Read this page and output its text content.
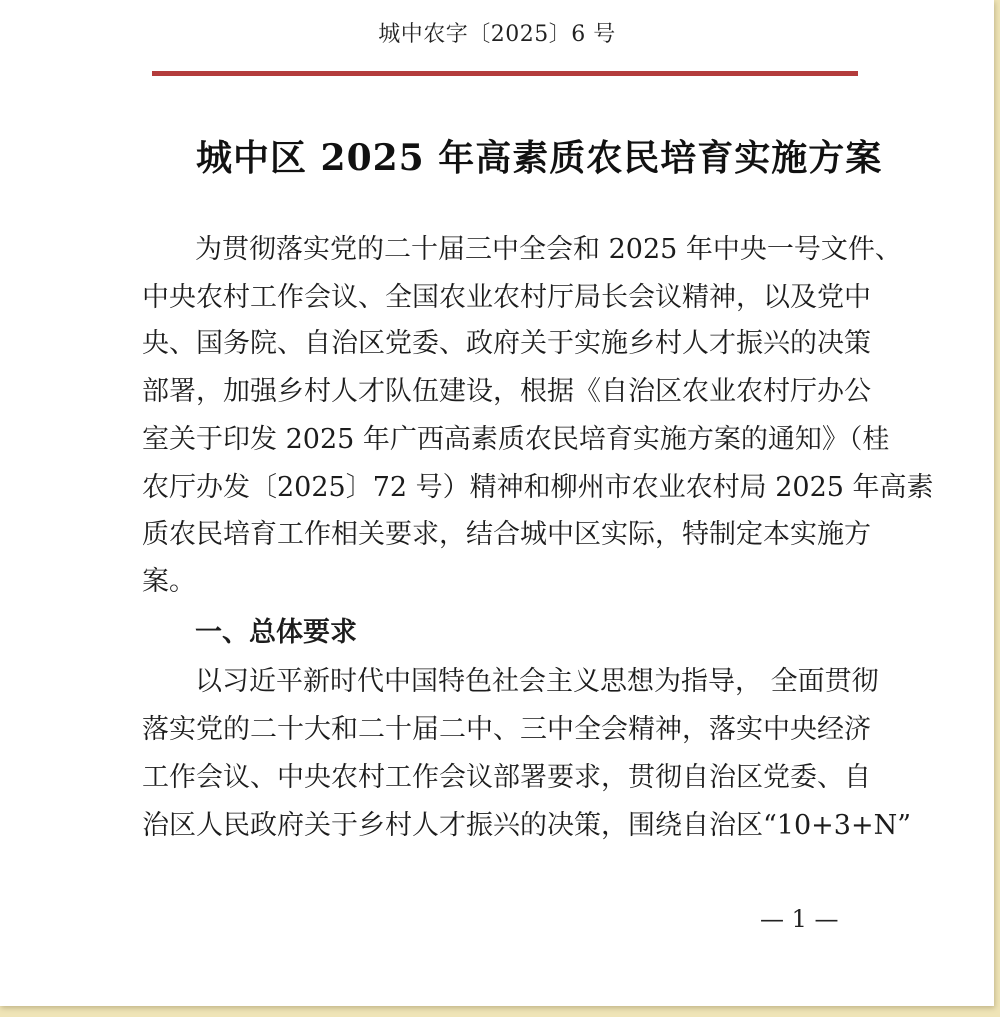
城中农字〔2025〕6 号
城中区 2025 年高素质农民培育实施方案
为贯彻落实党的二十届三中全会和 2025 年中央一号文件、
中央农村工作会议、全国农业农村厅局长会议精神，以及党中
央、国务院、自治区党委、政府关于实施乡村人才振兴的决策
部署，加强乡村人才队伍建设，根据《自治区农业农村厅办公
室关于印发 2025 年广西高素质农民培育实施方案的通知》（桂
农厅办发〔2025〕72 号）精神和柳州市农业农村局 2025 年高素
质农民培育工作相关要求，结合城中区实际，特制定本实施方
案。
一、总体要求
以习近平新时代中国特色社会主义思想为指导， 全面贯彻
落实党的二十大和二十届二中、三中全会精神，落实中央经济
工作会议、中央农村工作会议部署要求，贯彻自治区党委、自
治区人民政府关于乡村人才振兴的决策，围绕自治区“10+3+N”
— 1 —
